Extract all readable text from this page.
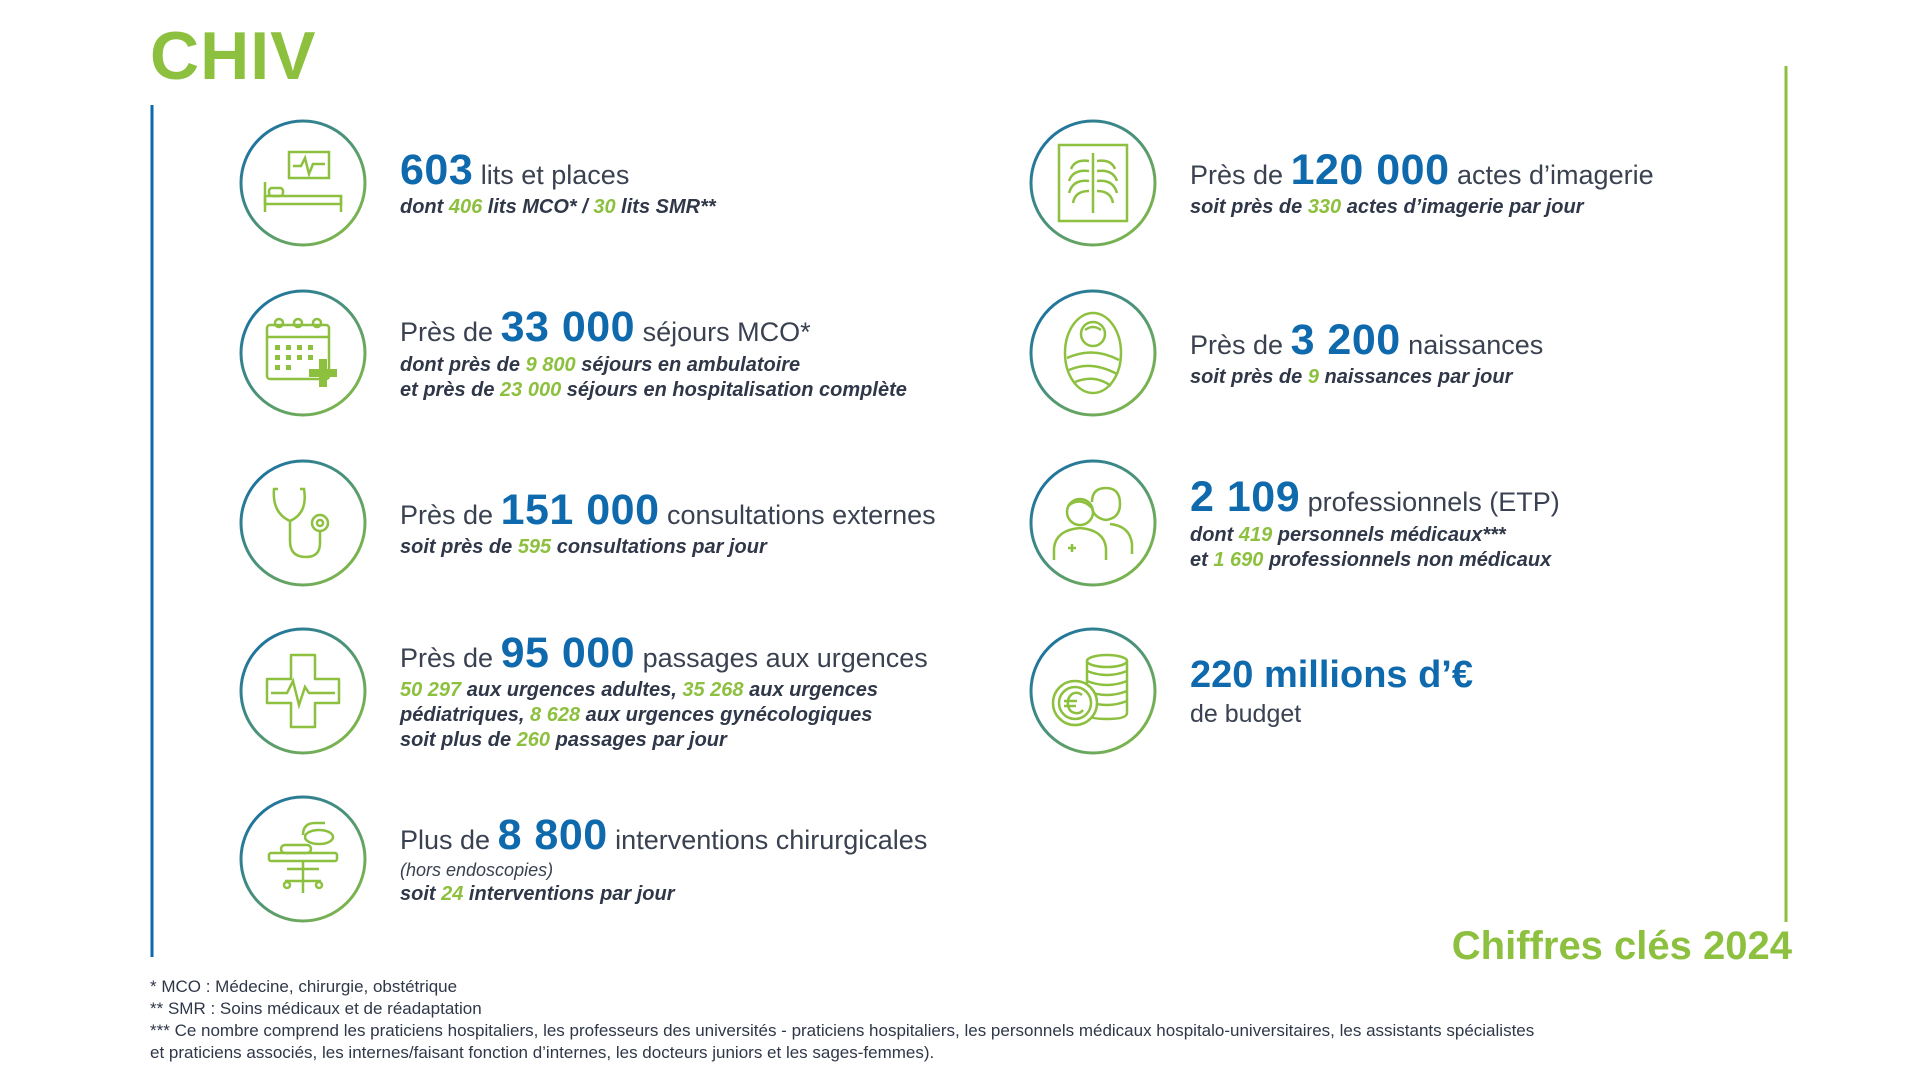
CHIV
Chiffres clés 2024
603 lits et places
dont 406 lits MCO* / 30 lits SMR**
Près de 33 000 séjours MCO*
dont près de 9 800 séjours en ambulatoire
et près de 23 000 séjours en hospitalisation complète
Près de 151 000 consultations externes
soit près de 595 consultations par jour
Près de 95 000 passages aux urgences
50 297 aux urgences adultes, 35 268 aux urgences
pédiatriques, 8 628 aux urgences gynécologiques
soit plus de 260 passages par jour
Plus de 8 800 interventions chirurgicales
(hors endoscopies)
soit 24 interventions par jour
Près de 120 000 actes d’imagerie
soit près de 330 actes d’imagerie par jour
Près de 3 200 naissances
soit près de 9 naissances par jour
2 109 professionnels (ETP)
dont 419 personnels médicaux***
et 1 690 professionnels non médicaux
220 millions d’€
de budget
* MCO : Médecine, chirurgie, obstétrique
** SMR : Soins médicaux et de réadaptation
*** Ce nombre comprend les praticiens hospitaliers, les professeurs des universités - praticiens hospitaliers, les personnels médicaux hospitalo-universitaires, les assistants spécialistes
et praticiens associés, les internes/faisant fonction d’internes, les docteurs juniors et les sages-femmes).
